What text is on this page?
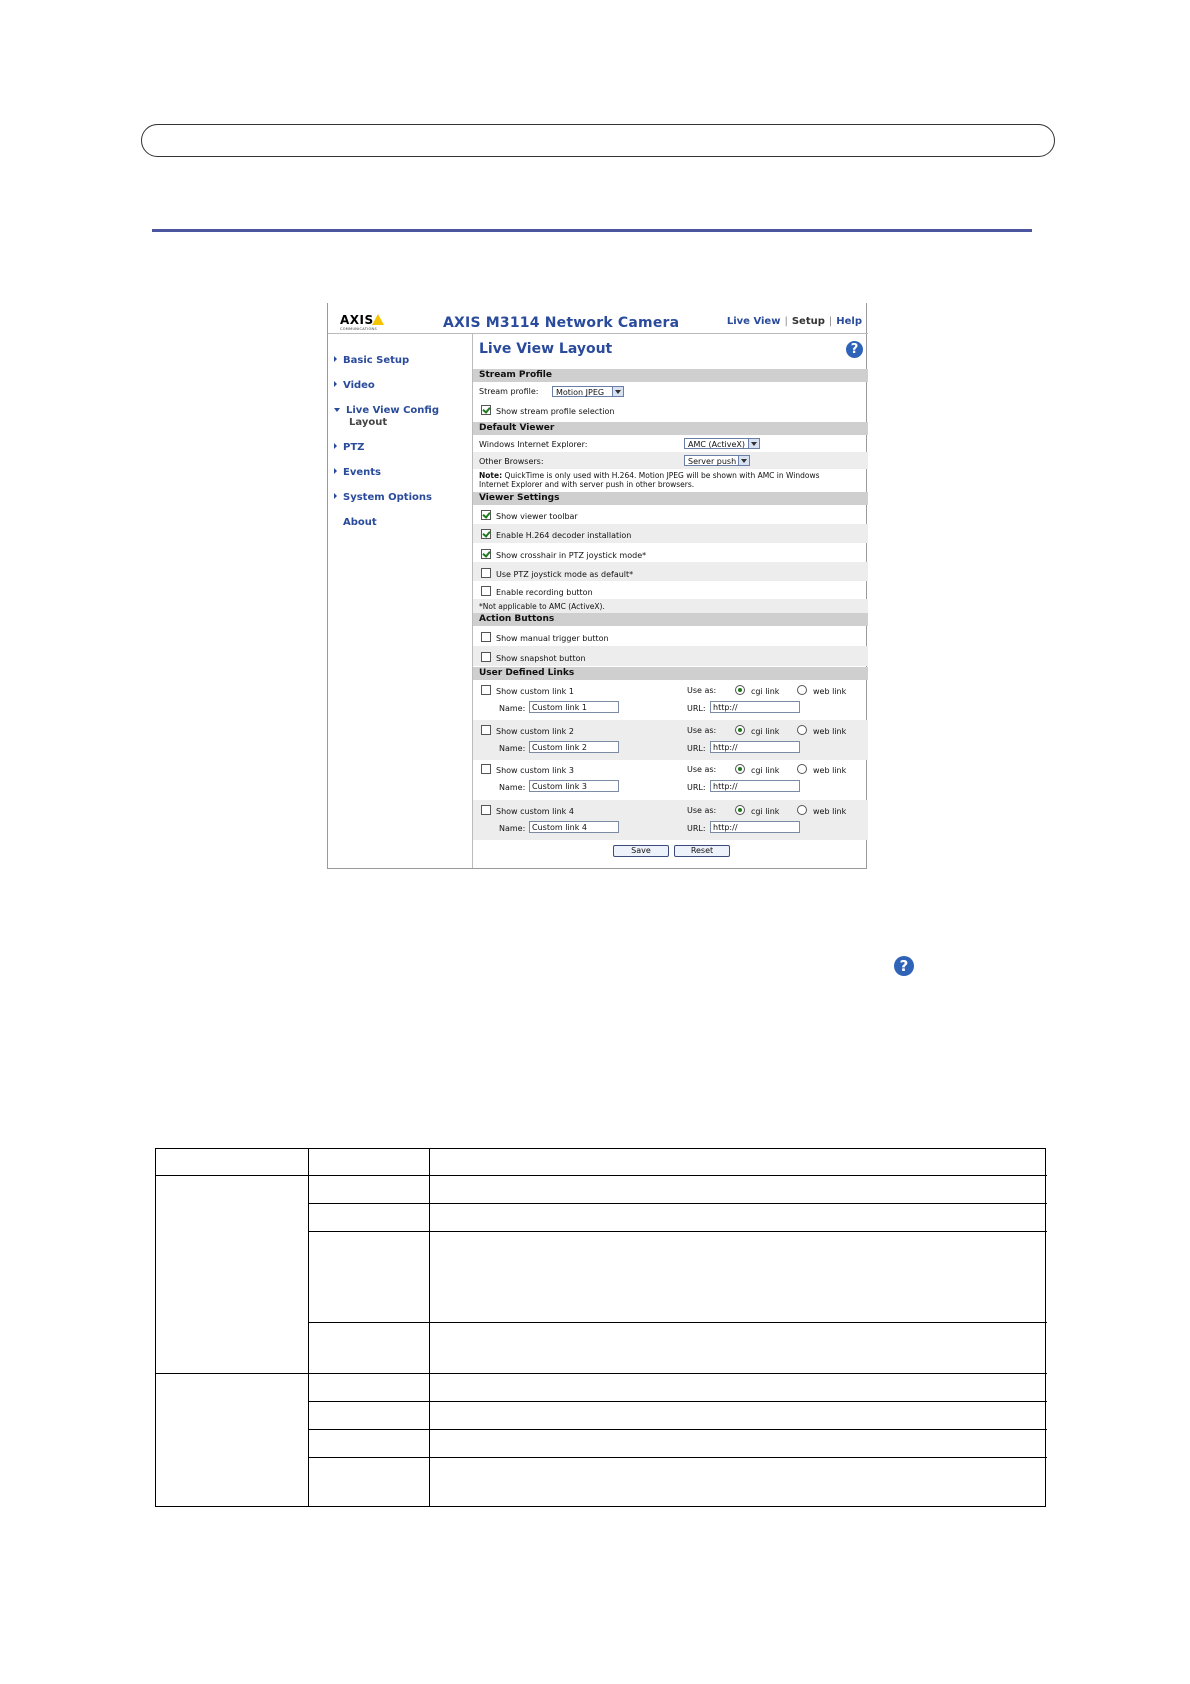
AXIS
COMMUNICATIONS	AXIS M3114 Network Camera	Live View | Setup | Help
Basic Setup
Video
Live View Config
Layout
PTZ
Events
System Options
About
Live View Layout	?
Stream Profile
Stream profile:	Motion JPEG
Show stream profile selection
Default Viewer
Windows Internet Explorer:	AMC (ActiveX)
Other Browsers:	Server push
Note: QuickTime is only used with H.264. Motion JPEG will be shown with AMC in Windows
Internet Explorer and with server push in other browsers.
Viewer Settings
Show viewer toolbar
Enable H.264 decoder installation
Show crosshair in PTZ joystick mode*
Use PTZ joystick mode as default*
Enable recording button
*Not applicable to AMC (ActiveX).
Action Buttons
Show manual trigger button
Show snapshot button
User Defined Links
Show custom link 1	Use as:	cgi link	web link
Name: Custom link 1	URL: http://
Show custom link 2	Use as:	cgi link	web link
Name: Custom link 2	URL: http://
Show custom link 3	Use as:	cgi link	web link
Name: Custom link 3	URL: http://
Show custom link 4	Use as:	cgi link	web link
Name: Custom link 4	URL: http://
Save	Reset
?
